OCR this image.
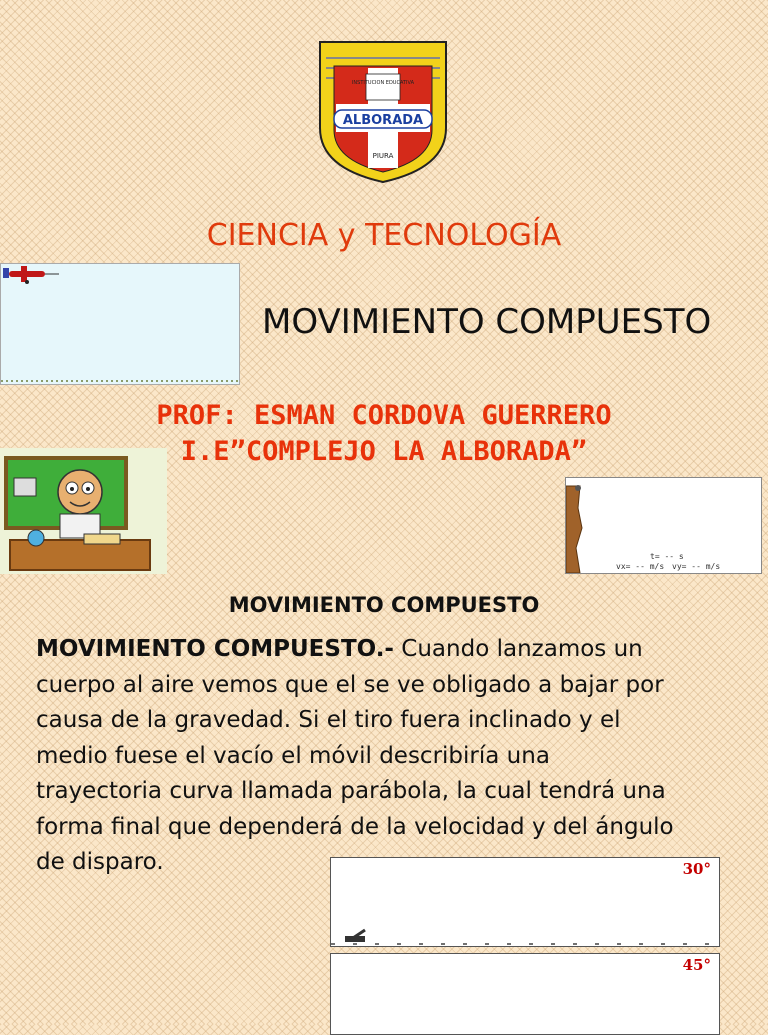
INSTITUCION EDUCATIVA
ALBORADA
PIURA
CIENCIA y TECNOLOGÍA
MOVIMIENTO COMPUESTO
PROF: ESMAN CORDOVA GUERRERO
I.E”COMPLEJO LA ALBORADA”
t= -- s
vx= -- m/s vy= -- m/s
MOVIMIENTO COMPUESTO
MOVIMIENTO COMPUESTO.- Cuando lanzamos un cuerpo al aire vemos que el se ve obligado a bajar por causa de la gravedad. Si el tiro fuera inclinado y el medio fuese el vacío el móvil describiría una trayectoria curva llamada parábola, la cual tendrá una forma final que dependerá de la velocidad y del ángulo de disparo.	30°
45°
